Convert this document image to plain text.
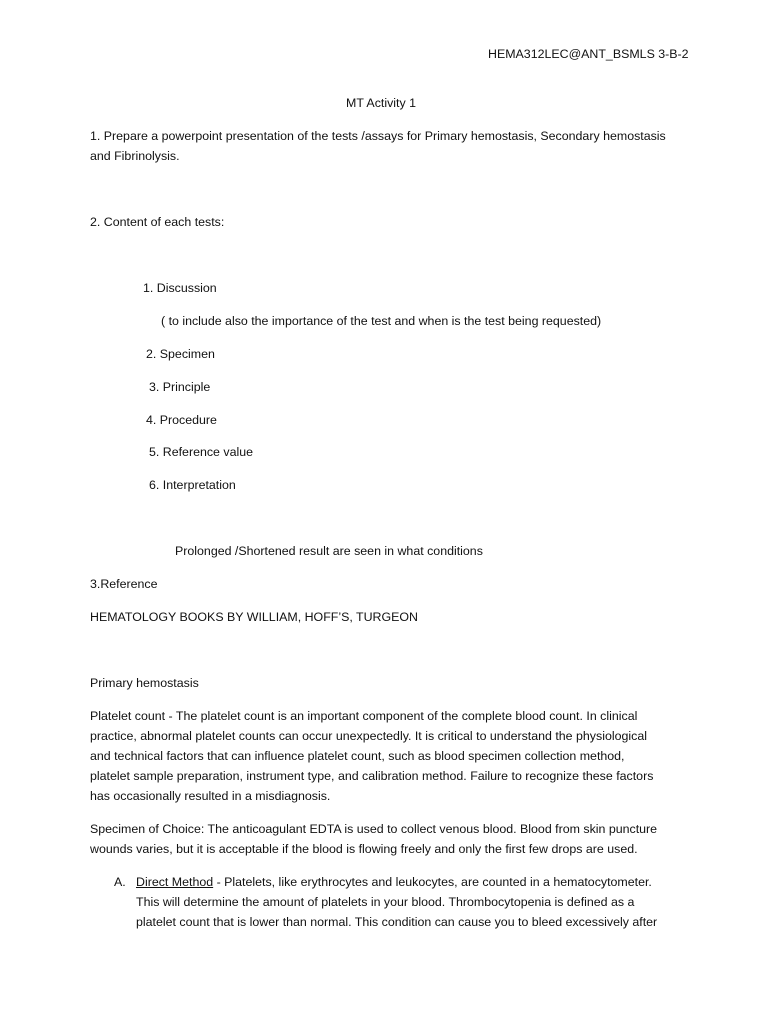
HEMA312LEC@ANT_BSMLS 3-B-2

MT Activity 1

1. Prepare a powerpoint presentation of the tests /assays for Primary hemostasis, Secondary hemostasis

and Fibrinolysis.

2. Content of each tests:

1. Discussion

( to include also the importance of the test and when is the test being requested)

2. Specimen

3. Principle

4. Procedure

5. Reference value

6. Interpretation

Prolonged /Shortened result are seen in what conditions

3.Reference

HEMATOLOGY BOOKS BY WILLIAM, HOFF’S, TURGEON

Primary hemostasis

Platelet count - The platelet count is an important component of the complete blood count. In clinical

practice, abnormal platelet counts can occur unexpectedly. It is critical to understand the physiological

and technical factors that can influence platelet count, such as blood specimen collection method,

platelet sample preparation, instrument type, and calibration method. Failure to recognize these factors

has occasionally resulted in a misdiagnosis.

Specimen of Choice: The anticoagulant EDTA is used to collect venous blood. Blood from skin puncture

wounds varies, but it is acceptable if the blood is flowing freely and only the first few drops are used.

A. Direct Method - Platelets, like erythrocytes and leukocytes, are counted in a hematocytometer.

This will determine the amount of platelets in your blood. Thrombocytopenia is defined as a

platelet count that is lower than normal. This condition can cause you to bleed excessively after
